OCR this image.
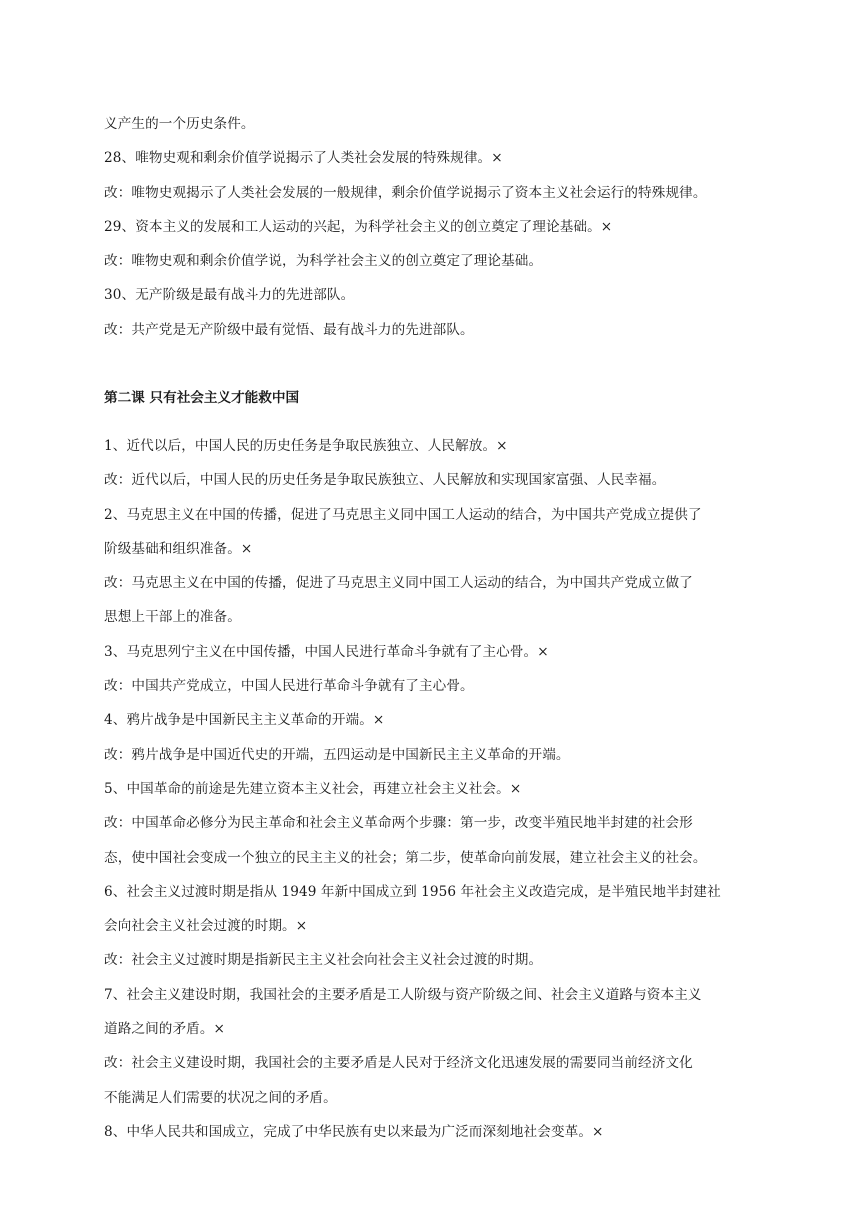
义产生的一个历史条件。

28、唯物史观和剩余价值学说揭示了人类社会发展的特殊规律。×

改：唯物史观揭示了人类社会发展的一般规律，剩余价值学说揭示了资本主义社会运行的特殊规律。

29、资本主义的发展和工人运动的兴起，为科学社会主义的创立奠定了理论基础。×

改：唯物史观和剩余价值学说，为科学社会主义的创立奠定了理论基础。

30、无产阶级是最有战斗力的先进部队。

改：共产党是无产阶级中最有觉悟、最有战斗力的先进部队。

第二课 只有社会主义才能救中国

1、近代以后，中国人民的历史任务是争取民族独立、人民解放。×

改：近代以后，中国人民的历史任务是争取民族独立、人民解放和实现国家富强、人民幸福。

2、马克思主义在中国的传播，促进了马克思主义同中国工人运动的结合，为中国共产党成立提供了

阶级基础和组织准备。×

改：马克思主义在中国的传播，促进了马克思主义同中国工人运动的结合，为中国共产党成立做了

思想上干部上的准备。

3、马克思列宁主义在中国传播，中国人民进行革命斗争就有了主心骨。×

改：中国共产党成立，中国人民进行革命斗争就有了主心骨。

4、鸦片战争是中国新民主主义革命的开端。×

改：鸦片战争是中国近代史的开端，五四运动是中国新民主主义革命的开端。

5、中国革命的前途是先建立资本主义社会，再建立社会主义社会。×

改：中国革命必修分为民主革命和社会主义革命两个步骤：第一步，改变半殖民地半封建的社会形

态，使中国社会变成一个独立的民主主义的社会；第二步，使革命向前发展，建立社会主义的社会。

6、社会主义过渡时期是指从 1949 年新中国成立到 1956 年社会主义改造完成，是半殖民地半封建社

会向社会主义社会过渡的时期。×

改：社会主义过渡时期是指新民主主义社会向社会主义社会过渡的时期。

7、社会主义建设时期，我国社会的主要矛盾是工人阶级与资产阶级之间、社会主义道路与资本主义

道路之间的矛盾。×

改：社会主义建设时期，我国社会的主要矛盾是人民对于经济文化迅速发展的需要同当前经济文化

不能满足人们需要的状况之间的矛盾。

8、中华人民共和国成立，完成了中华民族有史以来最为广泛而深刻地社会变革。×
